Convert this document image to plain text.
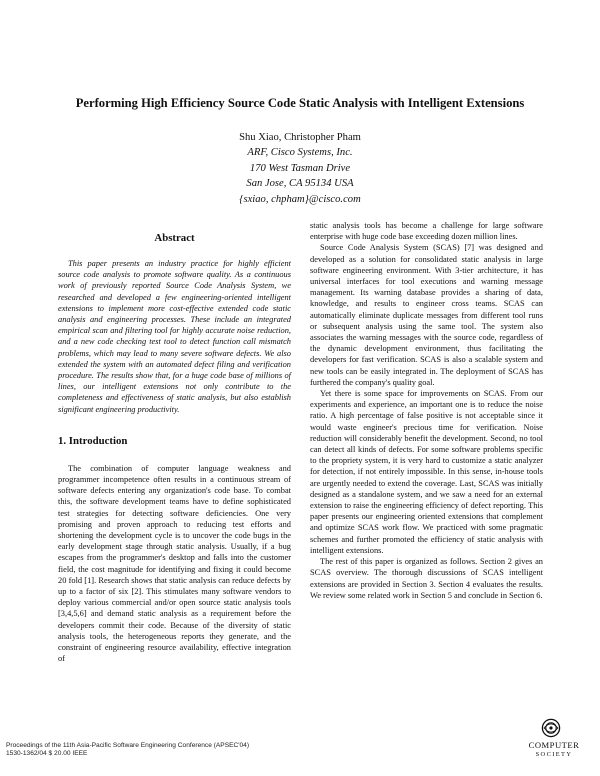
Performing High Efficiency Source Code Static Analysis with Intelligent Extensions
Shu Xiao, Christopher Pham
ARF, Cisco Systems, Inc.
170 West Tasman Drive
San Jose, CA 95134 USA
{sxiao, chpham}@cisco.com
Abstract

This paper presents an industry practice for highly efficient source code analysis to promote software quality. As a continuous work of previously reported Source Code Analysis System, we researched and developed a few engineering-oriented intelligent extensions to implement more cost-effective extended code static analysis and engineering processes. These include an integrated empirical scan and filtering tool for highly accurate noise reduction, and a new code checking test tool to detect function call mismatch problems, which may lead to many severe software defects. We also extended the system with an automated defect filing and verification procedure. The results show that, for a huge code base of millions of lines, our intelligent extensions not only contribute to the completeness and effectiveness of static analysis, but also establish significant engineering productivity.

1. Introduction

The combination of computer language weakness and programmer incompetence often results in a continuous stream of software defects entering any organization's code base. To combat this, the software development teams have to define sophisticated test strategies for detecting software deficiencies. One very promising and proven approach to reducing test efforts and shortening the development cycle is to uncover the code bugs in the early development stage through static analysis. Usually, if a bug escapes from the programmer's desktop and falls into the customer field, the cost magnitude for identifying and fixing it could become 20 fold [1]. Research shows that static analysis can reduce defects by up to a factor of six [2]. This stimulates many software vendors to deploy various commercial and/or open source static analysis tools [3,4,5,6] and demand static analysis as a requirement before the developers commit their code. Because of the diversity of static analysis tools, the heterogeneous reports they generate, and the constraint of engineering resource availability, effective integration of

static analysis tools has become a challenge for large software enterprise with huge code base exceeding dozen million lines.

Source Code Analysis System (SCAS) [7] was designed and developed as a solution for consolidated static analysis in large software engineering environment. With 3-tier architecture, it has universal interfaces for tool executions and warning message management. Its warning database provides a sharing of data, knowledge, and results to engineer cross teams. SCAS can automatically eliminate duplicate messages from different tool runs or subsequent analysis using the same tool. The system also associates the warning messages with the source code, regardless of the dynamic development environment, thus facilitating the developers for fast verification. SCAS is also a scalable system and new tools can be easily integrated in. The deployment of SCAS has furthered the company's quality goal.

Yet there is some space for improvements on SCAS. From our experiments and experience, an important one is to reduce the noise ratio. A high percentage of false positive is not acceptable since it would waste engineer's precious time for verification. Noise reduction will considerably benefit the development. Second, no tool can detect all kinds of defects. For some software problems specific to the propriety system, it is very hard to customize a static analyzer for detection, if not entirely impossible. In this sense, in-house tools are urgently needed to extend the coverage. Last, SCAS was initially designed as a standalone system, and we saw a need for an external extension to raise the engineering efficiency of defect reporting. This paper presents our engineering oriented extensions that complement and optimize SCAS work flow. We practiced with some pragmatic schemes and further promoted the efficiency of static analysis with intelligent extensions.

The rest of this paper is organized as follows. Section 2 gives an SCAS overview. The thorough discussions of SCAS intelligent extensions are provided in Section 3. Section 4 evaluates the results. We review some related work in Section 5 and conclude in Section 6.

Proceedings of the 11th Asia-Pacific Software Engineering Conference (APSEC'04)
1530-1362/04 $ 20.00 IEEE
COMPUTER
SOCIETY
